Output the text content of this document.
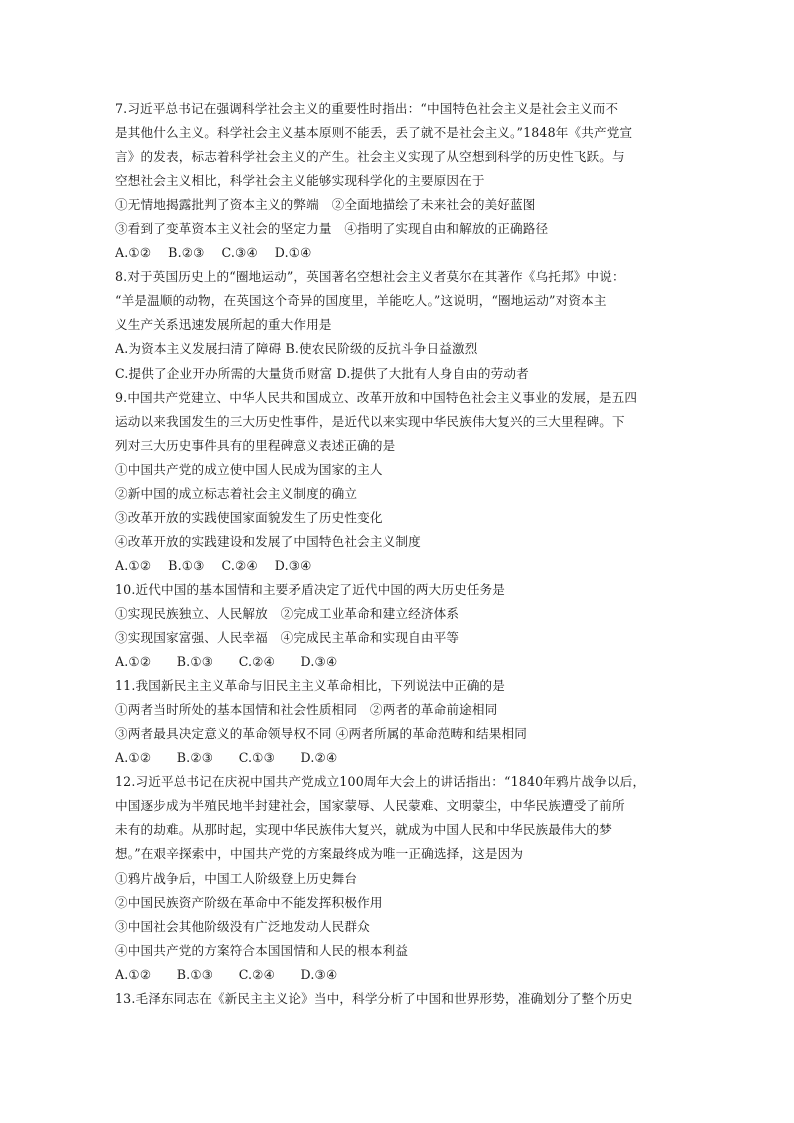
7.习近平总书记在强调科学社会主义的重要性时指出：“中国特色社会主义是社会主义而不
是其他什么主义。科学社会主义基本原则不能丢，丢了就不是社会主义。”1848年《共产党宣
言》的发表，标志着科学社会主义的产生。社会主义实现了从空想到科学的历史性飞跃。与
空想社会主义相比，科学社会主义能够实现科学化的主要原因在于
①无情地揭露批判了资本主义的弊端　②全面地描绘了未来社会的美好蓝图
③看到了变革资本主义社会的坚定力量　④指明了实现自由和解放的正确路径
A.①②　 B.②③　 C.③④　 D.①④
8.对于英国历史上的“圈地运动”，英国著名空想社会主义者莫尔在其著作《乌托邦》中说：
“羊是温顺的动物，在英国这个奇异的国度里，羊能吃人。”这说明，“圈地运动”对资本主
义生产关系迅速发展所起的重大作用是
A.为资本主义发展扫清了障碍 B.使农民阶级的反抗斗争日益激烈
C.提供了企业开办所需的大量货币财富 D.提供了大批有人身自由的劳动者
9.中国共产党建立、中华人民共和国成立、改革开放和中国特色社会主义事业的发展，是五四
运动以来我国发生的三大历史性事件，是近代以来实现中华民族伟大复兴的三大里程碑。下
列对三大历史事件具有的里程碑意义表述正确的是
①中国共产党的成立使中国人民成为国家的主人
②新中国的成立标志着社会主义制度的确立
③改革开放的实践使国家面貌发生了历史性变化
④改革开放的实践建设和发展了中国特色社会主义制度
A.①②　 B.①③　 C.②④　 D.③④
10.近代中国的基本国情和主要矛盾决定了近代中国的两大历史任务是
①实现民族独立、人民解放　②完成工业革命和建立经济体系
③实现国家富强、人民幸福　④完成民主革命和实现自由平等
A.①②　　B.①③　　C.②④　　D.③④
11.我国新民主主义革命与旧民主主义革命相比，下列说法中正确的是
①两者当时所处的基本国情和社会性质相同　②两者的革命前途相同
③两者最具决定意义的革命领导权不同 ④两者所属的革命范畴和结果相同
A.①②　　B.②③　　C.①③　　D.②④
12.习近平总书记在庆祝中国共产党成立100周年大会上的讲话指出：“1840年鸦片战争以后，
中国逐步成为半殖民地半封建社会，国家蒙辱、人民蒙难、文明蒙尘，中华民族遭受了前所
未有的劫难。从那时起，实现中华民族伟大复兴，就成为中国人民和中华民族最伟大的梦
想。”在艰辛探索中，中国共产党的方案最终成为唯一正确选择，这是因为
①鸦片战争后，中国工人阶级登上历史舞台
②中国民族资产阶级在革命中不能发挥积极作用
③中国社会其他阶级没有广泛地发动人民群众
④中国共产党的方案符合本国国情和人民的根本利益
A.①②　　B.①③　　C.②④　　D.③④
13.毛泽东同志在《新民主主义论》当中，科学分析了中国和世界形势，准确划分了整个历史
